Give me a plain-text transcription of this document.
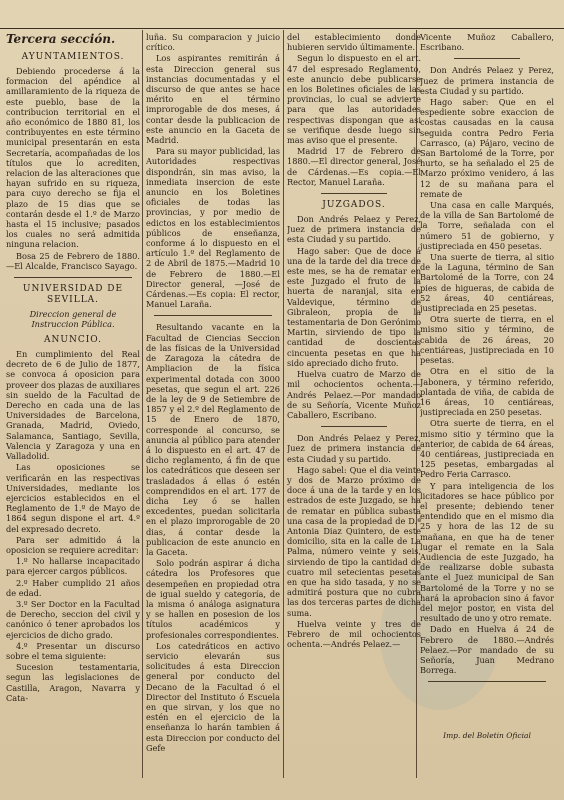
Tercera sección.
AYUNTAMIENTOS.

Debiendo procederse á la formacion del apéndice al amillaramiento de la riqueza de este pueblo, base de la contribucion territorial en el año económico de 1880 81, los contribuyentes en este término municipal presentarán en esta Secretaría, acompañadas de los títulos que lo acrediten, relacion de las alteraciones que hayan sufrido en su riqueza, para cuyo derecho se fija el plazo de 15 dias que se contarán desde el 1.º de Marzo hasta el 15 inclusive; pasados los cuales no será admitida ninguna relacion.

Bosa 25 de Febrero de 1880.—El Alcalde, Francisco Sayago.

UNIVERSIDAD DE SEVILLA.
Direccion general de Instruccion Pública.
ANUNCIO.

En cumplimiento del Real decreto de 6 de Julio de 1877, se convoca á oposicion para proveer dos plazas de auxiliares sin sueldo de la Facultad de Derecho en cada una de las Universidades de Barcelona, Granada, Madrid, Oviedo, Salamanca, Santiago, Sevilla, Valencia y Zaragoza y una en Valladolid.

Las oposiciones se verificarán en las respectivas Universidades, mediante los ejercicios establecidos en el Reglamento de 1.º de Mayo de 1864 segun dispone el art. 4.º del expresado decreto.

Para ser admitido á la oposicion se requiere acreditar:

1.º No hallarse incapacitado para ejercer cargos públicos.

2.º Haber cumplido 21 años de edad.

3.º Ser Doctor en la Facultad de Derecho, seccion del civil y canónico ó tener aprobados los ejercicios de dicho grado.

4.º Presentar un discurso sobre el tema siguiente:

Sucesion testamentaria, segun las legislaciones de Castilla, Aragon, Navarra y Cata-

luña. Su comparacion y juicio crítico.

Los aspirantes remitirán á esta Direccion general sus instancias documentadas y el discurso de que antes se hace mérito en el término improrogable de dos meses, á contar desde la publicacion de este anuncio en la Gaceta de Madrid.

Para su mayor publicidad, las Autoridades respectivas dispondrán, sin mas aviso, la inmediata insercion de este anuncio en los Boletines oficiales de todas las provincias, y por medio de edictos en los establecimientos públicos de enseñanza, conforme á lo dispuesto en el artículo 1.º del Reglamento de 2 de Abril de 1875.—Madrid 10 de Febrero de 1880.—El Director general, —José de Cárdenas.—Es copia: El rector, Manuel Laraña.

Resultando vacante en la Facultad de Ciencias Seccion de las físicas de la Universidad de Zaragoza la cátedra de Ampliacion de la física experimental dotada con 3000 pesetas, que segun el art. 226 de la ley de 9 de Setiembre de 1857 y el 2.º del Reglamento de 15 de Enero de 1870, corresponde al concurso, se anuncia al público para atender á lo dispuesto en el art. 47 de dicho reglamento, á fin de que los catedráticos que deseen ser trasladados á ellas ó estén comprendidos en el art. 177 de dicha Ley ó se hallen excedentes, puedan solicitarla en el plazo improrogable de 20 dias, á contar desde la publicacion de este anuncio en la Gaceta.

Solo podrán aspirar á dicha cátedra los Profesores que desempeñen en propiedad otra de igual sueldo y categoría, de la misma ó análoga asignatura y se hallen en posesion de los títulos académicos y profesionales correspondientes.

Los catedráticos en activo servicio elevarán sus solicitudes á esta Direccion general por conducto del Decano de la Facultad ó el Director del Instituto ó Escuela en que sirvan, y los que no estén en el ejercicio de la enseñanza lo harán tambien á esta Direccion por conducto del Gefe

del establecimiento donde hubieren servido últimamente.

Segun lo dispuesto en el art. 47 del espresado Reglamento, este anuncio debe publicarse en los Boletines oficiales de las provincias, lo cual se advierte para que las autoridades respectivas dispongan que asi se verifique desde luego sin mas aviso que el presente.

Madrid 17 de Febrero de 1880.—El director general, José de Cárdenas.—Es copia.—El Rector, Manuel Laraña.

JUZGADOS.

Don Andrés Pelaez y Perez, Juez de primera instancia de esta Ciudad y su partido.

Hago saber: Que de doce á una de la tarde del dia trece de este mes, se ha de rematar en este Juzgado el fruto de la huerta de naranjal, sita en Valdevique, término de Gibraleon, propia de la testamentaria de Don Gerónimo Martin, sirviendo de tipo la cantidad de doscientas cincuenta pesetas en que ha sido apreciado dicho fruto.

Huelva cuatro de Marzo de mil ochocientos ochenta.—Andrés Pelaez.—Por mandado de su Señoría, Vicente Muñoz Caballero, Escribano.

Don Andrés Pelaez y Perez, Juez de primera instancia de esta Ciudad y su partido.

Hago sabel: Que el dia veinte y dos de Marzo próximo de doce á una de la tarde y en los estrados de este Juzgado, se ha de rematar en pública subasta una casa de la propiedad de D.ª Antonia Diaz Quintero, de este domicilio, sita en la calle de La Palma, número veinte y seis, sirviendo de tipo la cantidad de cuatro mil setecientas pesetas en que ha sido tasada, y no se admitirá postura que no cubra las dos terceras partes de dicha suma.

Huelva veinte y tres de Febrero de mil ochocientos ochenta.—Andrés Pelaez.—

Vicente Muñoz Caballero, Escribano.

Don Andrés Pelaez y Perez, Juez de primera instancia de esta Ciudad y su partido.

Hago saber: Que en el espediente sobre exaccion de costas causadas en la causa seguida contra Pedro Feria Carrasco, (a) Pájaro, vecino de San Bartolomé de la Torre, por hurto, se ha señalado el 25 de Marzo próximo venidero, á las 12 de su mañana para el remate de

Una casa en calle Marqués, de la villa de San Bartolomé de la Torre, señalada con el número 51 de gobierno, y justipreciada en 450 pesetas.

Una suerte de tierra, al sitio de la Laguna, término de San Bartolomé de la Torre, con 24 pies de higueras, de cabida de 52 áreas, 40 centiáreas, justipreciada en 25 pesetas.

Otra suerte de tierra, en el mismo sitio y término, de cabida de 26 áreas, 20 centiáreas, justipreciada en 10 pesetas.

Otra en el sitio de la Jabonera, y término referido, plantada de viña, de cabida de 16 áreas, 10 centiáreas, justipreciada en 250 pesetas.

Otra suerte de tierra, en el mismo sitio y término que la anterior, de cabida de 64 áreas, 40 centiáreas, justipreciada en 125 pesetas, embargadas al Pedro Feria Carrasco.

Y para inteligencia de los licitadores se hace público por el presente; debiendo tener entendido que en el mismo dia 25 y hora de las 12 de su mañana, en que ha de tener lugar el remate en la Sala Audiencia de este Juzgado, ha de realizarse doble subasta ante el Juez municipal de San Bartolomé de la Torre y no se hará la aprobacion sino á favor del mejor postor, en vista del resultado de uno y otro remate.

Dado en Huelva á 24 de Febrero de 1880.—Andrés Pelaez.—Por mandado de su Señoría, Juan Medrano Borrega.

Imp. del Boletin Oficial
